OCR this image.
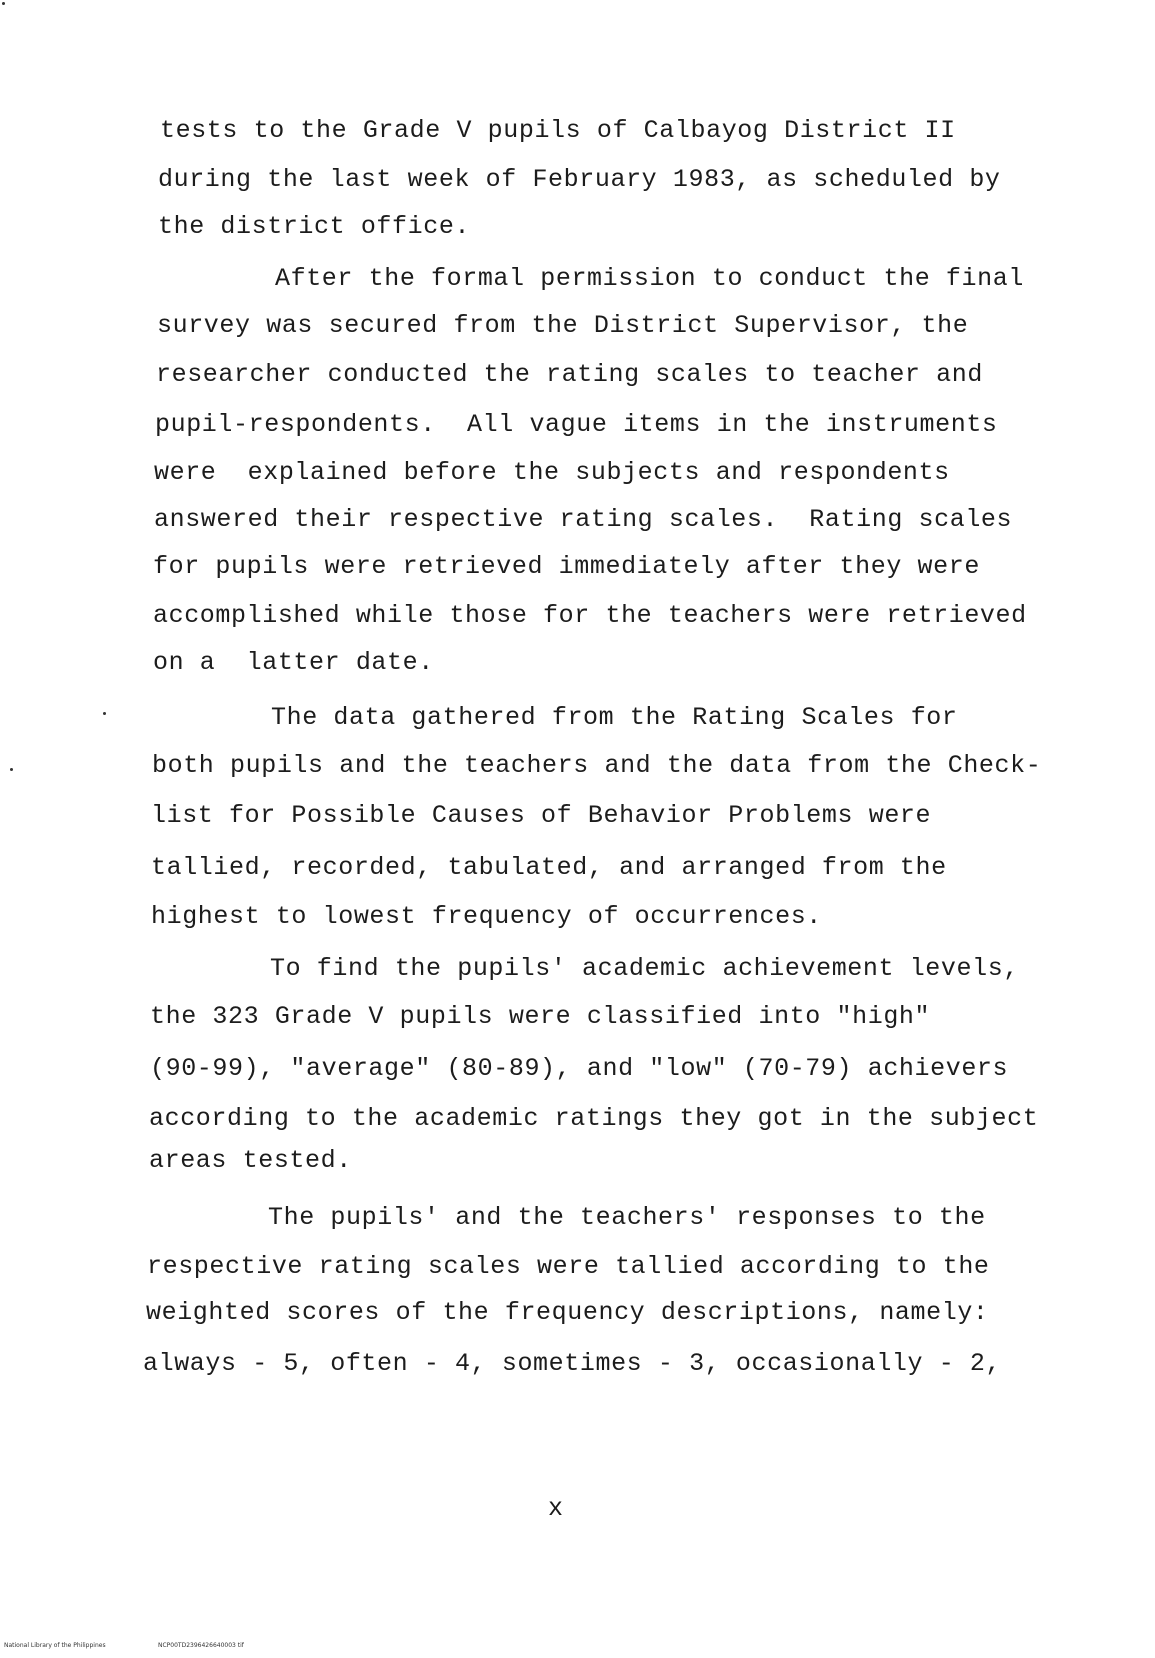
tests to the Grade V pupils of Calbayog District II
during the last week of February 1983, as scheduled by
the district office.
After the formal permission to conduct the final
survey was secured from the District Supervisor, the
researcher conducted the rating scales to teacher and
pupil-respondents.  All vague items in the instruments
were  explained before the subjects and respondents
answered their respective rating scales.  Rating scales
for pupils were retrieved immediately after they were
accomplished while those for the teachers were retrieved
on a  latter date.
The data gathered from the Rating Scales for
both pupils and the teachers and the data from the Check-
list for Possible Causes of Behavior Problems were
tallied, recorded, tabulated, and arranged from the
highest to lowest frequency of occurrences.
To find the pupils' academic achievement levels,
the 323 Grade V pupils were classified into "high"
(90-99), "average" (80-89), and "low" (70-79) achievers
according to the academic ratings they got in the subject
areas tested.
The pupils' and the teachers' responses to the
respective rating scales were tallied according to the
weighted scores of the frequency descriptions, namely:
always - 5, often - 4, sometimes - 3, occasionally - 2,
x
National Library of the Philippines	NCP00TD2396426640003 tif
